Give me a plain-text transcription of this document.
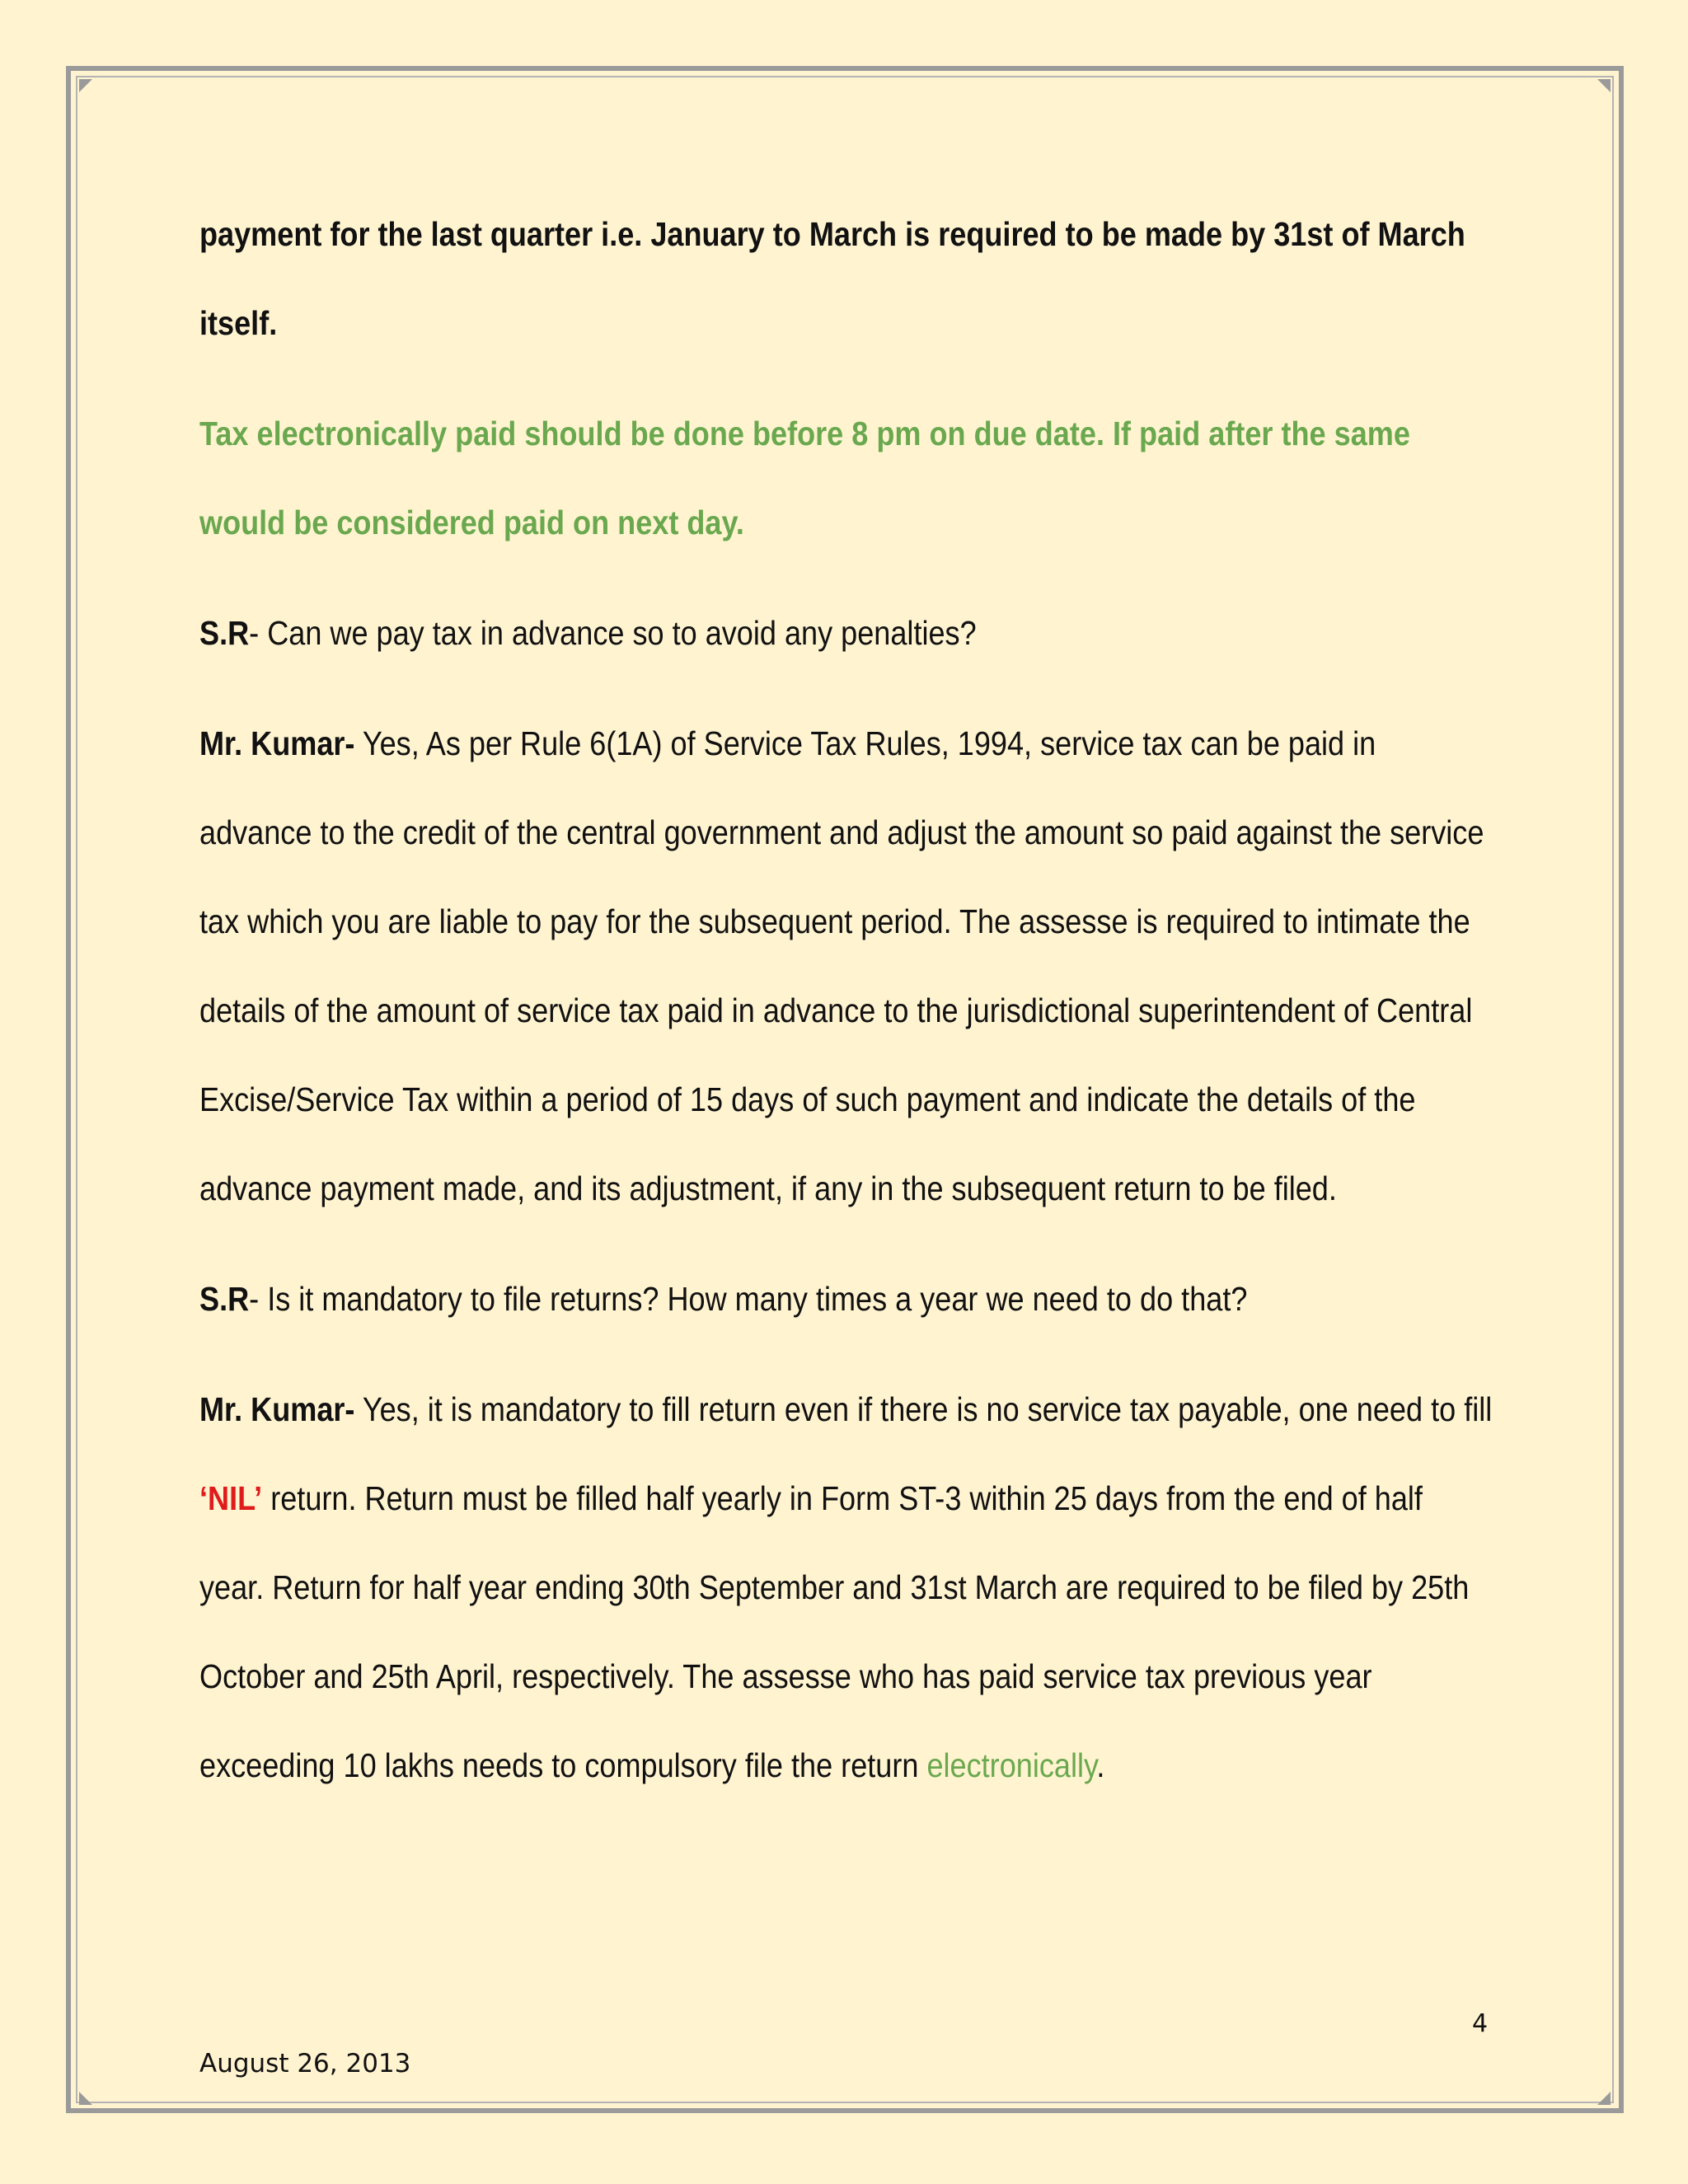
payment for the last quarter i.e. January to March is required to be made by 31st of March itself.

Tax electronically paid should be done before 8 pm on due date. If paid after the same would be considered paid on next day.

S.R- Can we pay tax in advance so to avoid any penalties?

Mr. Kumar- Yes, As per Rule 6(1A) of Service Tax Rules, 1994, service tax can be paid in advance to the credit of the central government and adjust the amount so paid against the service tax which you are liable to pay for the subsequent period. The assesse is required to intimate the details of the amount of service tax paid in advance to the jurisdictional superintendent of Central Excise/Service Tax within a period of 15 days of such payment and indicate the details of the advance payment made, and its adjustment, if any in the subsequent return to be filed.

S.R- Is it mandatory to file returns? How many times a year we need to do that?

Mr. Kumar- Yes, it is mandatory to fill return even if there is no service tax payable, one need to fill ‘NIL’ return. Return must be filled half yearly in Form ST-3 within 25 days from the end of half year. Return for half year ending 30th September and 31st March are required to be filed by 25th October and 25th April, respectively. The assesse who has paid service tax previous year exceeding 10 lakhs needs to compulsory file the return electronically.

4
August 26, 2013
